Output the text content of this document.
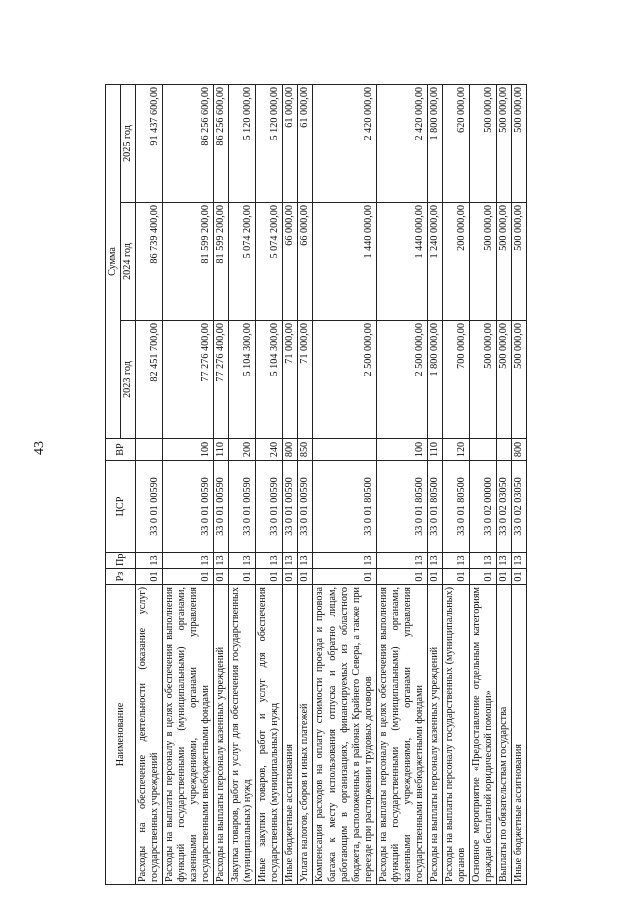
43
Наименование	Рз	Пр	ЦСР	ВР	Сумма		
					2023 год	2024 год	2025 год
Расходы на обеспечение деятельности (оказание услуг) государственных учреждений	01	13	33 0 01 00590		82 451 700,00	86 739 400,00	91 437 600,00
Расходы на выплаты персоналу в целях обеспечения выполнения функций государственными (муниципальными) органами, казенными учреждениями, органами управления государственными внебюджетными фондами	01	13	33 0 01 00590	100	77 276 400,00	81 599 200,00	86 256 600,00
Расходы на выплаты персоналу казенных учреждений	01	13	33 0 01 00590	110	77 276 400,00	81 599 200,00	86 256 600,00
Закупка товаров, работ и услуг для обеспечения государственных (муниципальных) нужд	01	13	33 0 01 00590	200	5 104 300,00	5 074 200,00	5 120 000,00
Иные закупки товаров, работ и услуг для обеспечения государственных (муниципальных) нужд	01	13	33 0 01 00590	240	5 104 300,00	5 074 200,00	5 120 000,00
Иные бюджетные ассигнования	01	13	33 0 01 00590	800	71 000,00	66 000,00	61 000,00
Уплата налогов, сборов и иных платежей	01	13	33 0 01 00590	850	71 000,00	66 000,00	61 000,00
Компенсация расходов на оплату стоимости проезда и провоза багажа к месту использования отпуска и обратно лицам, работающим в организациях, финансируемых из областного бюджета, расположенных в районах Крайнего Севера, а также при переезде при расторжении трудовых договоров	01	13	33 0 01 80500		2 500 000,00	1 440 000,00	2 420 000,00
Расходы на выплаты персоналу в целях обеспечения выполнения функций государственными (муниципальными) органами, казенными учреждениями, органами управления государственными внебюджетными фондами	01	13	33 0 01 80500	100	2 500 000,00	1 440 000,00	2 420 000,00
Расходы на выплаты персоналу казенных учреждений	01	13	33 0 01 80500	110	1 800 000,00	1 240 000,00	1 800 000,00
Расходы на выплаты персоналу государственных (муниципальных) органов	01	13	33 0 01 80500	120	700 000,00	200 000,00	620 000,00
Основное мероприятие «Предоставление отдельным категориям граждан бесплатной юридической помощи»	01	13	33 0 02 00000		500 000,00	500 000,00	500 000,00
Выплаты по обязательствам государства	01	13	33 0 02 03050		500 000,00	500 000,00	500 000,00
Иные бюджетные ассигнования	01	13	33 0 02 03050	800	500 000,00	500 000,00	500 000,00
